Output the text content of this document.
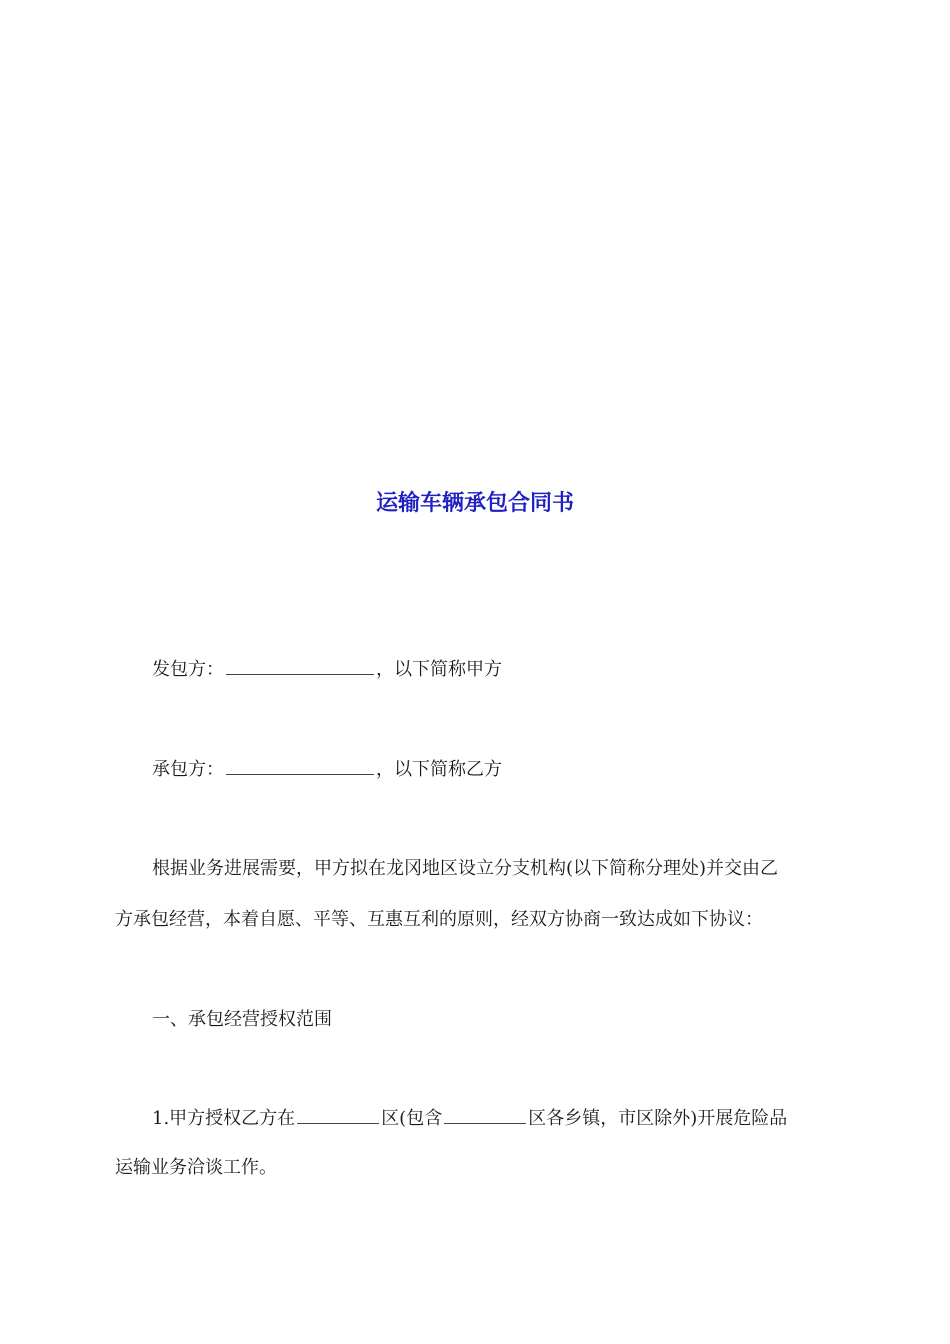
运输车辆承包合同书

发包方：	，以下简称甲方

承包方：	，以下简称乙方

根据业务进展需要，甲方拟在龙冈地区设立分支机构(以下简称分理处)并交由乙

方承包经营，本着自愿、平等、互惠互利的原则，经双方协商一致达成如下协议：

一、承包经营授权范围

1.甲方授权乙方在	区(包含	区各乡镇，市区除外)开展危险品

运输业务洽谈工作。
